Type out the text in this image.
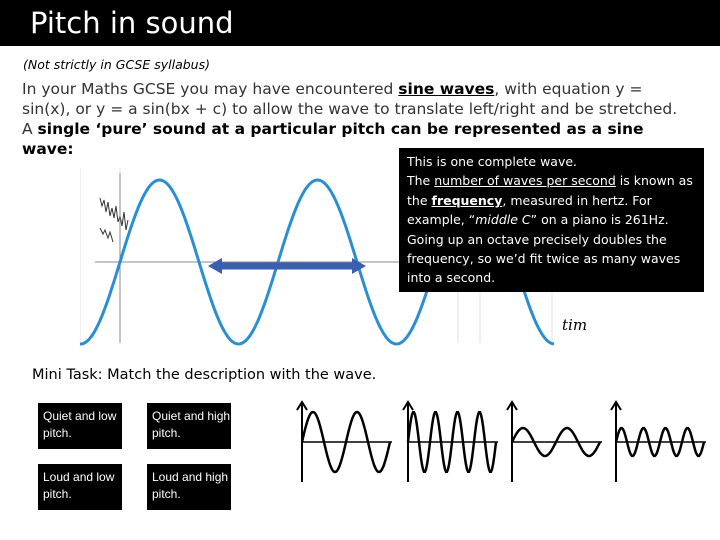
Pitch in sound
(Not strictly in GCSE syllabus)
In your Maths GCSE you may have encountered sine waves, with equation y = sin(x), or y = a sin(bx + c) to allow the wave to translate left/right and be stretched. A single ‘pure’ sound at a particular pitch can be represented as a sine wave:
This is one complete wave.
The number of waves per second is known as the frequency, measured in hertz. For example, “middle C” on a piano is 261Hz. Going up an octave precisely doubles the frequency, so we’d fit twice as many waves into a second.
tim
Mini Task: Match the description with the wave.
Quiet and low pitch.
Quiet and high pitch.
Loud and low pitch.
Loud and high pitch.
